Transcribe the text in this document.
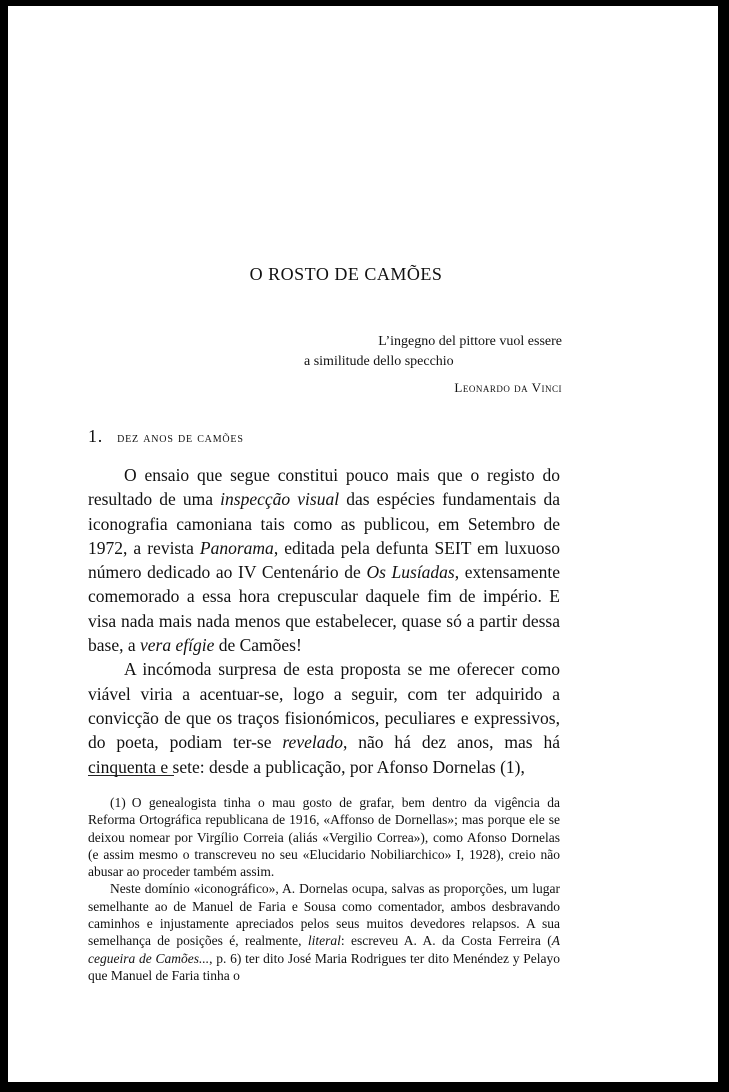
O ROSTO DE CAMÕES
L’ingegno del pittore vuol essere
a similitude dello specchio
Leonardo da Vinci
1. dez anos de camões

O ensaio que segue constitui pouco mais que o registo do resultado de uma inspecção visual das espécies fundamentais da iconografia camoniana tais como as publicou, em Setembro de 1972, a revista Panorama, editada pela defunta SEIT em luxuoso número dedicado ao IV Centenário de Os Lusíadas, extensamente comemorado a essa hora crepuscular daquele fim de império. E visa nada mais nada menos que estabelecer, quase só a partir dessa base, a vera efígie de Camões!

A incómoda surpresa de esta proposta se me oferecer como viável viria a acentuar-se, logo a seguir, com ter adquirido a convicção de que os traços fisionómicos, peculiares e expressivos, do poeta, podiam ter-se revelado, não há dez anos, mas há cinquenta e sete: desde a publicação, por Afonso Dornelas (1),

(1) O genealogista tinha o mau gosto de grafar, bem dentro da vigência da Reforma Ortográfica republicana de 1916, «Affonso de Dornellas»; mas porque ele se deixou nomear por Virgílio Correia (aliás «Vergilio Correa»), como Afonso Dornelas (e assim mesmo o transcreveu no seu «Elucidario Nobiliarchico» I, 1928), creio não abusar ao proceder também assim.

Neste domínio «iconográfico», A. Dornelas ocupa, salvas as proporções, um lugar semelhante ao de Manuel de Faria e Sousa como comentador, ambos desbravando caminhos e injustamente apreciados pelos seus muitos devedores relapsos. A sua semelhança de posições é, realmente, literal: escreveu A. A. da Costa Ferreira (A cegueira de Camões..., p. 6) ter dito José Maria Rodrigues ter dito Menéndez y Pelayo que Manuel de Faria tinha o
